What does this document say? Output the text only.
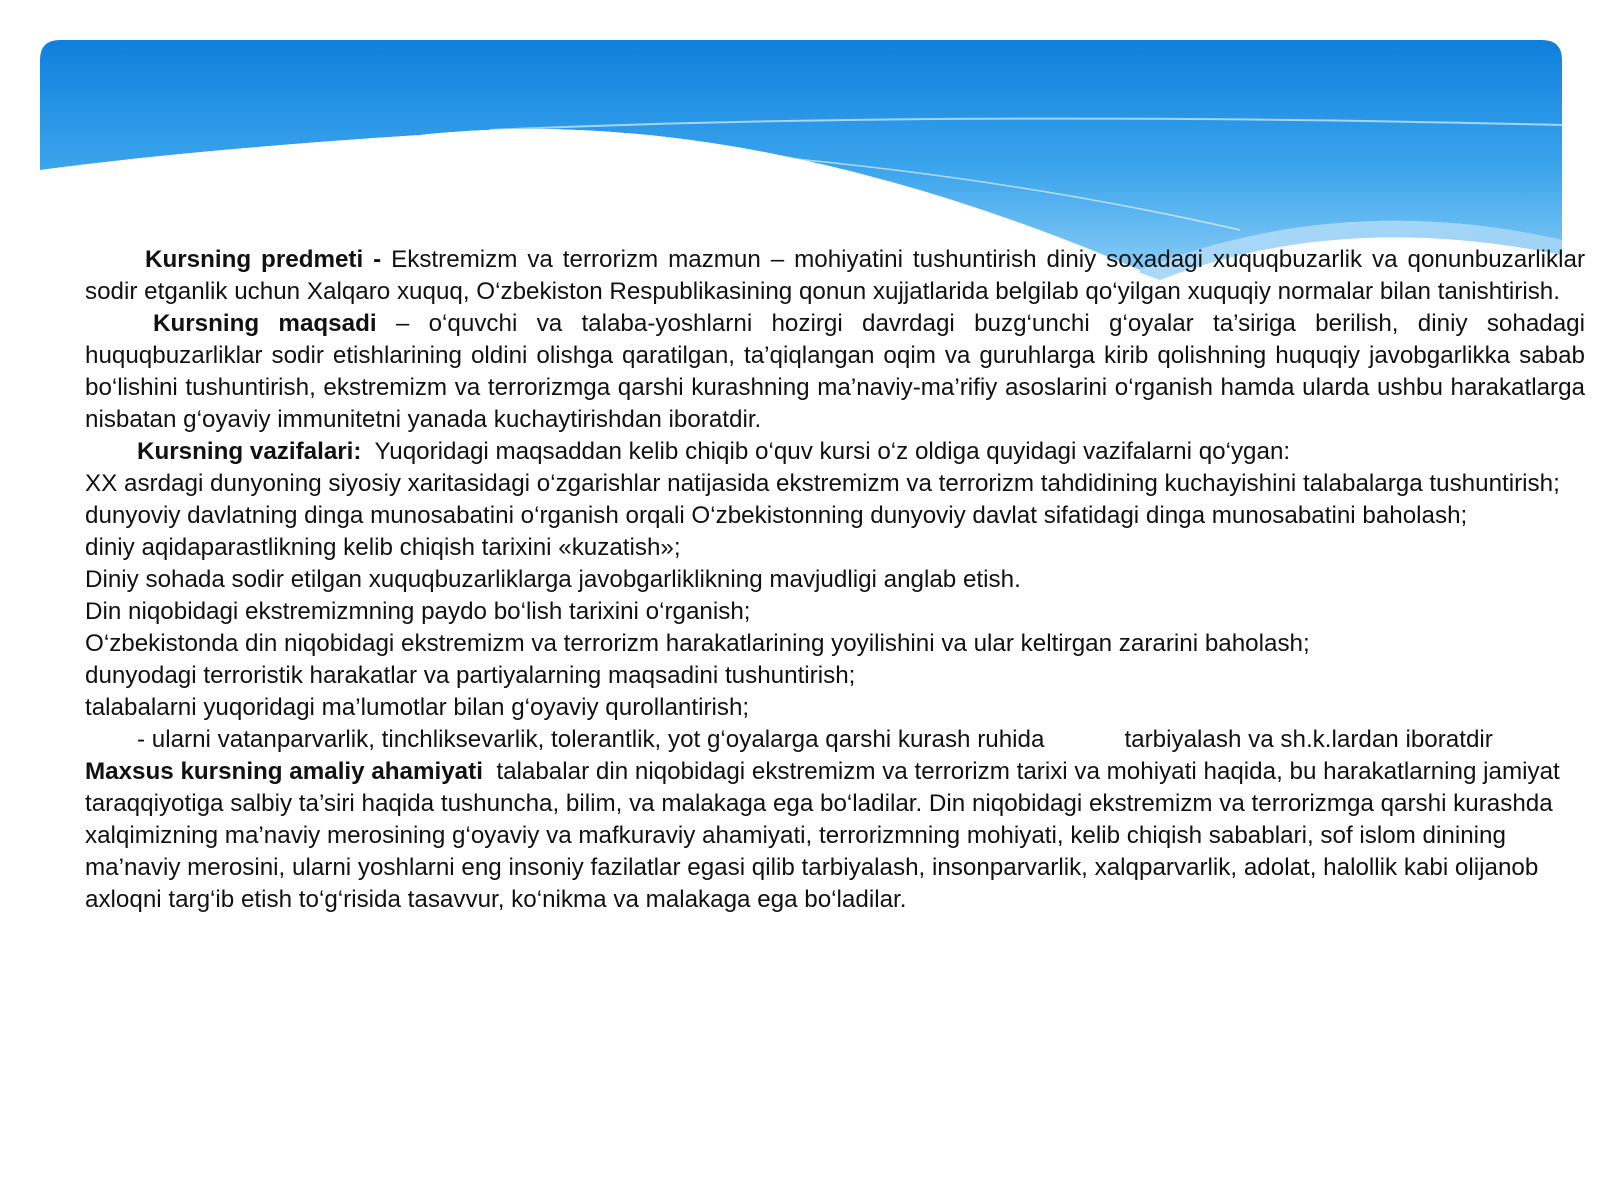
Kursning predmeti - Ekstremizm va terrorizm mazmun – mohiyatini tushuntirish diniy soxadagi xuquqbuzarlik va qonunbuzarliklar sodir etganlik uchun Xalqaro xuquq, O‘zbekiston Respublikasining qonun xujjatlarida belgilab qo‘yilgan xuquqiy normalar bilan tanishtirish.

Kursning maqsadi – o‘quvchi va talaba-yoshlarni hozirgi davrdagi buzg‘unchi g‘oyalar ta’siriga berilish, diniy sohadagi huquqbuzarliklar sodir etishlarining oldini olishga qaratilgan, ta’qiqlangan oqim va guruhlarga kirib qolishning huquqiy javobgarlikka sabab bo‘lishini tushuntirish, ekstremizm va terrorizmga qarshi kurashning ma’naviy-ma’rifiy asoslarini o‘rganish hamda ularda ushbu harakatlarga nisbatan g‘oyaviy immunitetni yanada kuchaytirishdan iboratdir.

Kursning vazifalari:  Yuqoridagi maqsaddan kelib chiqib o‘quv kursi o‘z oldiga quyidagi vazifalarni qo‘ygan:

XX asrdagi dunyoning siyosiy xaritasidagi o‘zgarishlar natijasida ekstremizm va terrorizm tahdidining kuchayishini talabalarga tushuntirish;

dunyoviy davlatning dinga munosabatini o‘rganish orqali O‘zbekistonning dunyoviy davlat sifatidagi dinga munosabatini baholash;

diniy aqidaparastlikning kelib chiqish tarixini «kuzatish»;

Diniy sohada sodir etilgan xuquqbuzarliklarga javobgarliklikning mavjudligi anglab etish.

Din niqobidagi ekstremizmning paydo bo‘lish tarixini o‘rganish;

O‘zbekistonda din niqobidagi ekstremizm va terrorizm harakatlarining yoyilishini va ular keltirgan zararini baholash;

dunyodagi terroristik harakatlar va partiyalarning maqsadini tushuntirish;

talabalarni yuqoridagi ma’lumotlar bilan g‘oyaviy qurollantirish;

- ularni vatanparvarlik, tinchliksevarlik, tolerantlik, yot g‘oyalarga qarshi kurash ruhida	tarbiyalash va sh.k.lardan iboratdir

Maxsus kursning amaliy ahamiyati  talabalar din niqobidagi ekstremizm va terrorizm tarixi va mohiyati haqida, bu harakatlarning jamiyat taraqqiyotiga salbiy ta’siri haqida tushuncha, bilim, va malakaga ega bo‘ladilar. Din niqobidagi ekstremizm va terrorizmga qarshi kurashda xalqimizning ma’naviy merosining g‘oyaviy va mafkuraviy ahamiyati, terrorizmning mohiyati, kelib chiqish sabablari, sof islom dinining  ma’naviy merosini, ularni yoshlarni eng insoniy fazilatlar egasi qilib tarbiyalash, insonparvarlik, xalqparvarlik, adolat, halollik kabi olijanob axloqni targ‘ib etish to‘g‘risida tasavvur, ko‘nikma va malakaga ega bo‘ladilar.
